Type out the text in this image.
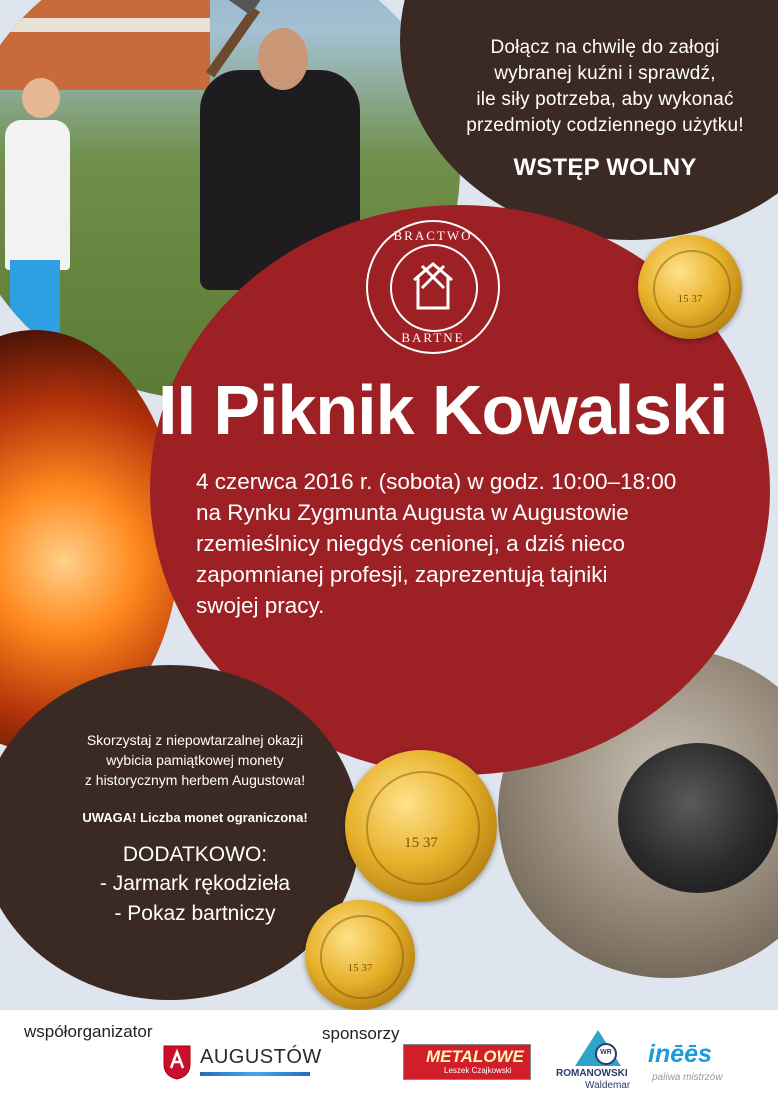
Dołącz na chwilę do załogi
wybranej kuźni i sprawdź,
ile siły potrzeba, aby wykonać
przedmioty codziennego użytku!
WSTĘP WOLNY
BRACTWO
BARTNE
II Piknik Kowalski
4 czerwca 2016 r. (sobota) w godz. 10:00–18:00
na Rynku Zygmunta Augusta w Augustowie
rzemieślnicy niegdyś cenionej, a dziś nieco
zapomnianej profesji, zaprezentują tajniki
swojej pracy.
Skorzystaj z niepowtarzalnej okazji
wybicia pamiątkowej monety
z historycznym herbem Augustowa!
UWAGA! Liczba monet ograniczona!
DODATKOWO:
- Jarmark rękodzieła
- Pokaz bartniczy
15 37
15 37
15 37
współorganizator	sponsorzy
AUGUSTÓW	METALOWE
Leszek Czajkowski
WR
ROMANOWSKI
Waldemar
inēēs
paliwa mistrzów
